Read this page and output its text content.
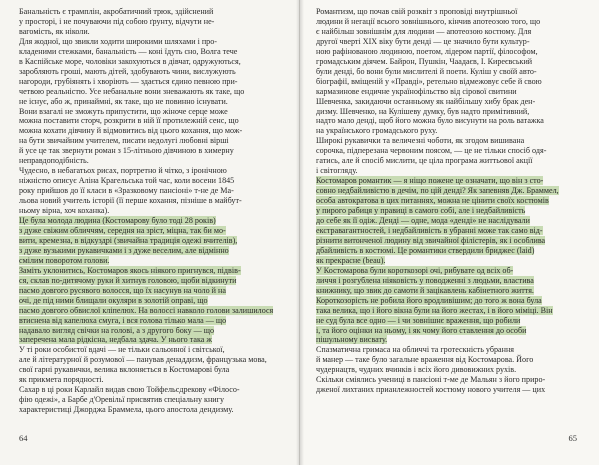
Банальність є трамплін, акробатичний трюк, здійснений
у просторі, і не почуваючи під собою ґрунту, відчути не-
вагомість, як ніколи.
Для жодної, що звикли ходити широкими шляхами і про-
кладеними стежками, банальність — коні їдуть сно, Волга тече
в Каспійське море, чоловіки закохуються в дівчат, одружуються,
заробляють гроші, мають дітей, здобувають чини, вислужують
нагороди, грубіянять і хворіють — здається єдино певною при-
четвою реальністю. Усе небанальне вони зневажають як таке, що
не існує, або ж, принаймні, як таке, що не повинно існувати.
Вони взагалі не зможуть припустити, що жіноче серце може
можна поставити сторч, розкрити в ній її протилежній сенс, що
можна кохати дівчину й відмовитись від цього кохання, що мож-
на бути звичайним учителем, писати недолугі любовні вірші
й усе це так звернути роман з 15-літньою дівчиною в химерну
неправдоподібність.
Чудесно, в небагатьох рисах, портретно й чітко, з іронічною
ніжністю описує Аліна Крагельська той час, коли восени 1845
року прийшов до її класи в «Зразковому пансіоні» т-не де Ма-
льова новий учитель історії (її перше кохання, пізніше в майбут-
ньому вірна, хоч коханка).
Це була молода людина (Костомарову було тоді 28 років)
з дуже свіжим обличчям, середня на зріст, міцна, так би мо-
вити, кремезна, в відкуздрі (звичайна традиція одежі вчителів),
з дуже вузькими рукавичками і з дуже веселим, але відмінно
смілим поворотом голови.
Заміть уклонитись, Костомаров якось ніякого пригнувся, підвів-
ся, склав по-дитячому руки й хитнув головою, щоби відкинути
пасмо довгого русявого волосся, що їх насунув на чоло й на
очі, де під ними блищали окуляри в золотій оправі, що
пасмо довгого обвислої кліпелюх. На волоссі навколо голови залишилося
втиснена від капелюха смуга, і вся голова тілько мала — що
надавало вигляд свічки на голові, а з другого боку — що
заперечена мала рідкісна, недбала здача. У нього така ж
У ті роки особистої вдачі — не тільки сальонної і світської,
але й літературної й розумової — панував денаддизм, французька мова,
свої гарні рукавички, велика вклоняється в Костомарові була
як прикмета порядності.
Сахар в ці роки Карлайл видав свою Тойфельсдрекову «Філосо-
фію одежі», а Барбе д'Оревільї присвятив спеціальну книгу
характеристиці Джорджа Браммела, цього апостола дендизму.
64
Романтизм, що почав свій розквіт з проповіді внутрішньої
людини й негації всього зовнішнього, кінчив апотеозою того, що
є найбільш зовнішнім для людини — апотеозою костюму. Для
другої чверті XIX віку бути денді — це значило бути культур-
ною рафінованою людиною, поетом, лідером партії, філософом,
громадським діячем. Байрон, Пушкін, Чаадаєв, І. Киреєвський
були денді, бо вони були мислителі й поети. Куліш у своїй авто-
біографії, вміщеній у «Правді», ретельно відмежовує себе й свою
кармазинове ендичне українофільство від сірової свитини
Шевченка, закидаючи останньому як найбільшу хибу брак ден-
дизму. Шевченко, на Кулішеву думку, був надто примітивний,
надто мало денді, щоб його можна було висунути на роль ватажка
на українського громадського руху.
Широкі рукавички та величезні чоботи, як згодом вишивана
сорочка, підперезана червоним поясом, — це не тільки спосіб одя-
гатись, але й спосіб мислити, це ціла програма життьової акції
і світогляду.
Костомаров романтик — я ніщо пожене це означати, що він з сто-
совно недбайливістю в дечім, по цій денді? Як запевняв Дж. Браммел,
особа автократова в цих питаннях, можна не цінити своїх костюмів
у пирого рабиця у правиці в самого собі, але і недбайливість
до себе як її одіж. Денді — одне, мода «денді» не наслідували
екстравагантностей, і недбайливість в убранні може так само від-
різнити витонченої людину від звичайної філістерів, як і особлива
дбайливість в костюмі. Це романтики ствердили бриджес (laid)
як прекрасне (beau).
У Костомарова були короткозорі очі, рибувате од всіх об-
личчя і розгублена ніяковість у поводженні з людьми, властива
книжнику, що звик до самоти й зацікавлень кабінетного життя.
Короткозорість не робила його вродливішим; до того ж вона була
така велика, що і його вікна були на його жестах, і в його міміці. Він
не суд була все одно — і чи зовнішнє враження, що робили
і, та його оцінки на ньому, і як чому його ставлення до особи
пішульному висвату.
Спазматична гримаса на обличчі та гротескність убрання
й манер — таке було загальне враження від Костомарова. Його
чудернацтв, чудних вчинків і всіх його дивовижних рухів.
Скільки сміялись учениці в пансіоні т-ме де Мальян з його приро-
дженої лихтаних прианлежностей костюму нового учителя — цих
65
